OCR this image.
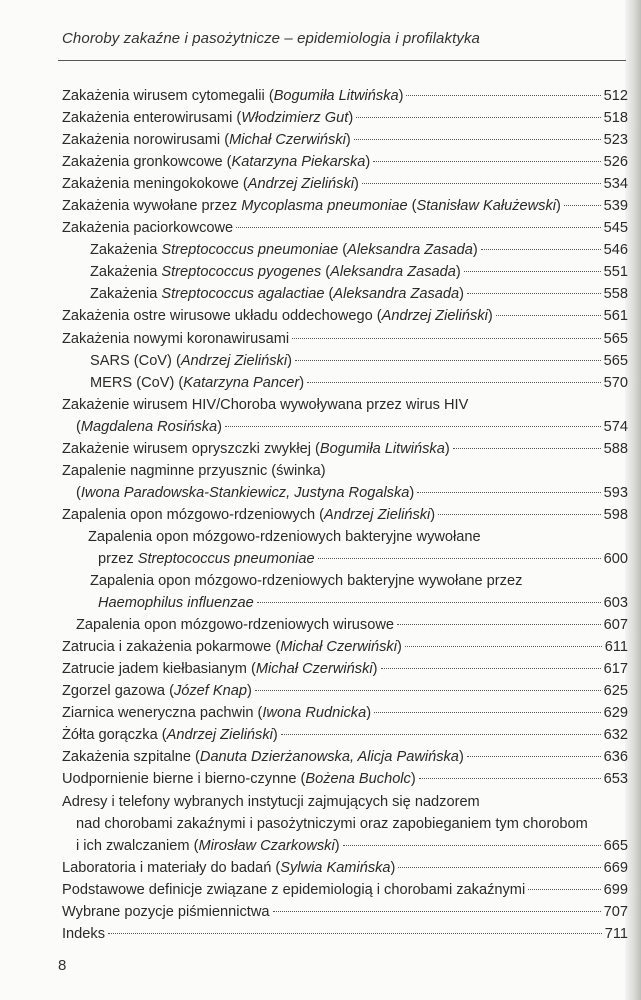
Choroby zakaźne i pasożytnicze – epidemiologia i profilaktyka
Zakażenia wirusem cytomegalii (Bogumiła Litwińska)	512
Zakażenia enterowirusami (Włodzimierz Gut)	518
Zakażenia norowirusami (Michał Czerwiński)	523
Zakażenia gronkowcowe (Katarzyna Piekarska)	526
Zakażenia meningokokowe (Andrzej Zieliński)	534
Zakażenia wywołane przez Mycoplasma pneumoniae (Stanisław Kałużewski)	539
Zakażenia paciorkowcowe	545
Zakażenia Streptococcus pneumoniae (Aleksandra Zasada)	546
Zakażenia Streptococcus pyogenes (Aleksandra Zasada)	551
Zakażenia Streptococcus agalactiae (Aleksandra Zasada)	558
Zakażenia ostre wirusowe układu oddechowego (Andrzej Zieliński)	561
Zakażenia nowymi koronawirusami	565
SARS (CoV) (Andrzej Zieliński)	565
MERS (CoV) (Katarzyna Pancer)	570
Zakażenie wirusem HIV/Choroba wywoływana przez wirus HIV
(Magdalena Rosińska)	574
Zakażenie wirusem opryszczki zwykłej (Bogumiła Litwińska)	588
Zapalenie nagminne przyusznic (świnka)
(Iwona Paradowska-Stankiewicz, Justyna Rogalska)	593
Zapalenia opon mózgowo-rdzeniowych (Andrzej Zieliński)	598
Zapalenia opon mózgowo-rdzeniowych bakteryjne wywołane
przez Streptococcus pneumoniae	600
Zapalenia opon mózgowo-rdzeniowych bakteryjne wywołane przez
Haemophilus influenzae	603
Zapalenia opon mózgowo-rdzeniowych wirusowe	607
Zatrucia i zakażenia pokarmowe (Michał Czerwiński)	611
Zatrucie jadem kiełbasianym (Michał Czerwiński)	617
Zgorzel gazowa (Józef Knap)	625
Ziarnica weneryczna pachwin (Iwona Rudnicka)	629
Żółta gorączka (Andrzej Zieliński)	632
Zakażenia szpitalne (Danuta Dzierżanowska, Alicja Pawińska)	636
Uodpornienie bierne i bierno-czynne (Bożena Bucholc)	653
Adresy i telefony wybranych instytucji zajmujących się nadzorem
nad chorobami zakaźnymi i pasożytniczymi oraz zapobieganiem tym chorobom
i ich zwalczaniem (Mirosław Czarkowski)	665
Laboratoria i materiały do badań (Sylwia Kamińska)	669
Podstawowe definicje związane z epidemiologią i chorobami zakaźnymi	699
Wybrane pozycje piśmiennictwa	707
Indeks	711
8
